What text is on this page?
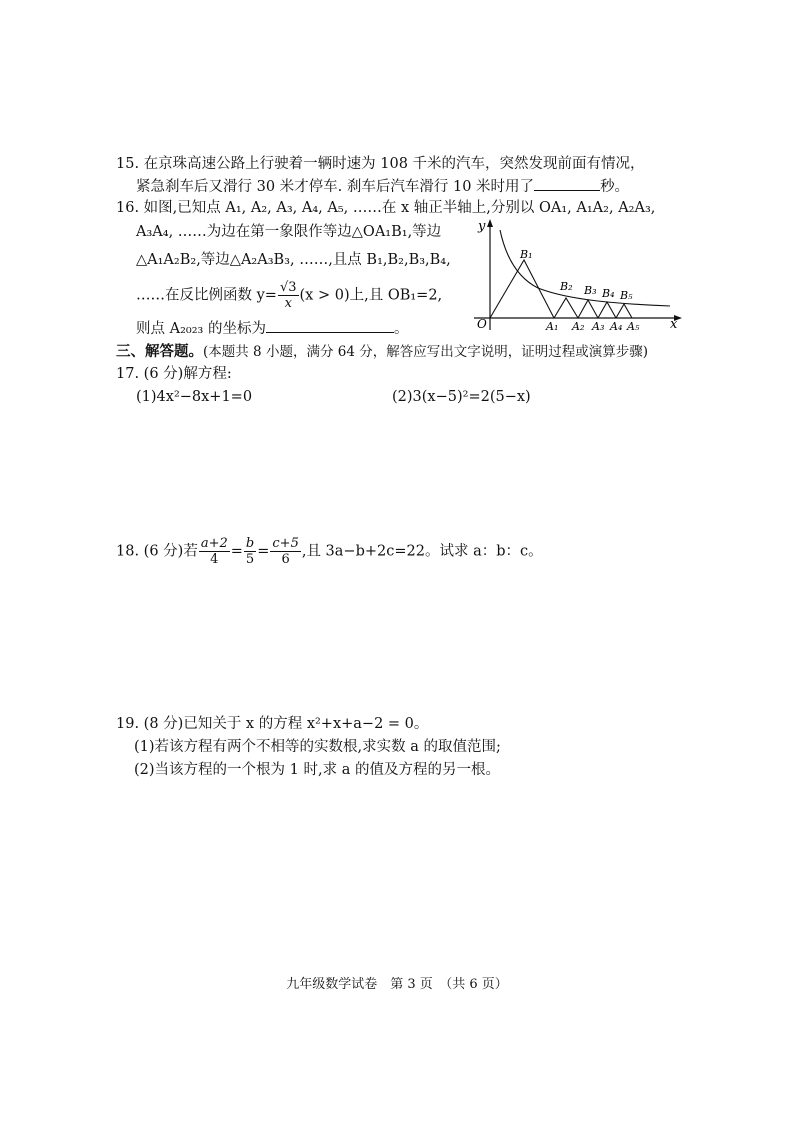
15. 在京珠高速公路上行驶着一辆时速为 108 千米的汽车，突然发现前面有情况，
紧急刹车后又滑行 30 米才停车. 刹车后汽车滑行 10 米时用了	秒。
16. 如图,已知点 A₁, A₂, A₃, A₄, A₅, ……在 x 轴正半轴上,分别以 OA₁, A₁A₂, A₂A₃,
A₃A₄, ……为边在第一象限作等边△OA₁B₁,等边
△A₁A₂B₂,等边△A₂A₃B₃, ……,且点 B₁,B₂,B₃,B₄,
……在反比例函数 $y= \frac{√3}{x} (x > 0)$上,且 OB₁=2,
则点 A₂₀₂₃ 的坐标为	。
y
x
O
B₁
B₂ B₃ B₄ B₅
A₁ A₂ A₃ A₄ A₅
三、解答题。(本题共 8 小题，满分 64 分，解答应写出文字说明，证明过程或演算步骤)
17. (6 分)解方程:
(1)4x²−8x+1=0	(2)3(x−5)²=2(5−x)
18. (6 分)若 $\frac{a+2}{4} = \frac{b}{5} = \frac{c+5}{6}$ ,且 3a−b+2c=22。试求 a：b：c。
19. (8 分)已知关于 x 的方程 x²+x+a−2 = 0。
(1)若该方程有两个不相等的实数根,求实数 a 的取值范围;
(2)当该方程的一个根为 1 时,求 a 的值及方程的另一根。
九年级数学试卷　第 3 页　（共 6 页）
